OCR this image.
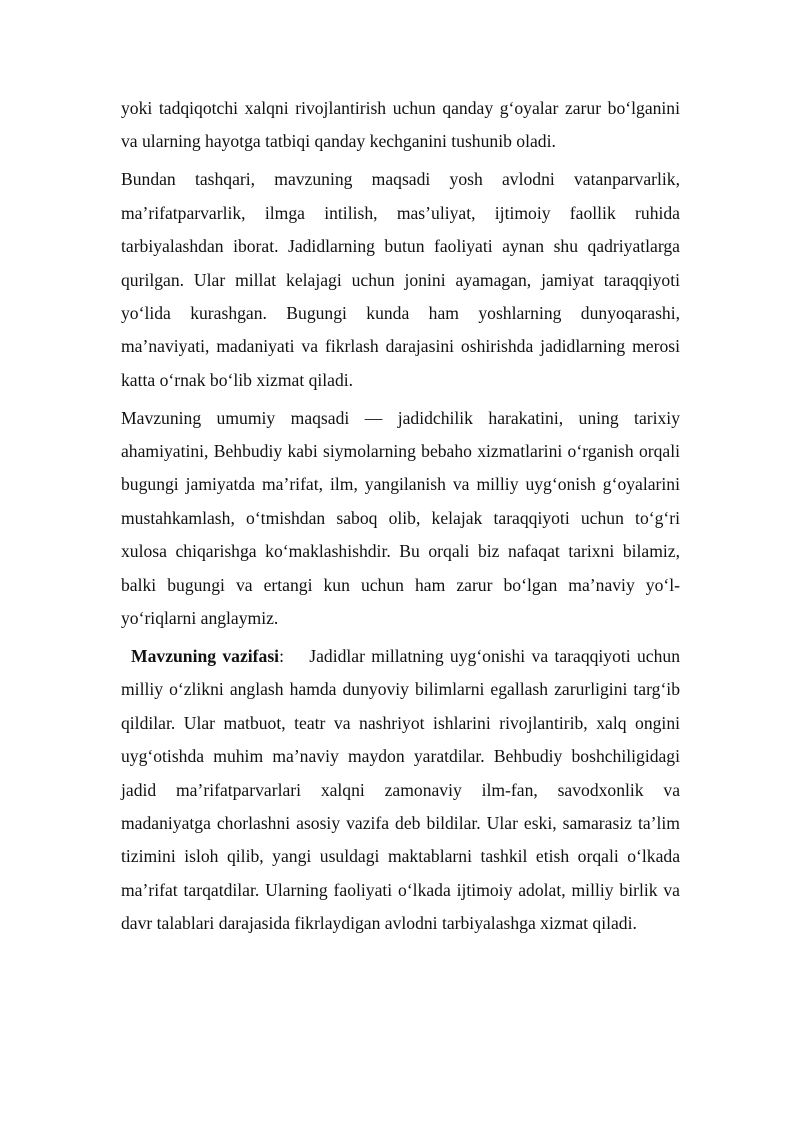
yoki tadqiqotchi xalqni rivojlantirish uchun qanday g‘oyalar zarur bo‘lganini va ularning hayotga tatbiqi qanday kechganini tushunib oladi.

Bundan tashqari, mavzuning maqsadi yosh avlodni vatanparvarlik, ma’rifatparvarlik, ilmga intilish, mas’uliyat, ijtimoiy faollik ruhida tarbiyalashdan iborat. Jadidlarning butun faoliyati aynan shu qadriyatlarga qurilgan. Ular millat kelajagi uchun jonini ayamagan, jamiyat taraqqiyoti yo‘lida kurashgan. Bugungi kunda ham yoshlarning dunyoqarashi, ma’naviyati, madaniyati va fikrlash darajasini oshirishda jadidlarning merosi katta o‘rnak bo‘lib xizmat qiladi.

Mavzuning umumiy maqsadi — jadidchilik harakatini, uning tarixiy ahamiyatini, Behbudiy kabi siymolarning bebaho xizmatlarini o‘rganish orqali bugungi jamiyatda ma’rifat, ilm, yangilanish va milliy uyg‘onish g‘oyalarini mustahkamlash, o‘tmishdan saboq olib, kelajak taraqqiyoti uchun to‘g‘ri xulosa chiqarishga ko‘maklashishdir. Bu orqali biz nafaqat tarixni bilamiz, balki bugungi va ertangi kun uchun ham zarur bo‘lgan ma’naviy yo‘l-yo‘riqlarni anglaymiz.

Mavzuning vazifasi: Jadidlar millatning uyg‘onishi va taraqqiyoti uchun milliy o‘zlikni anglash hamda dunyoviy bilimlarni egallash zarurligini targ‘ib qildilar. Ular matbuot, teatr va nashriyot ishlarini rivojlantirib, xalq ongini uyg‘otishda muhim ma’naviy maydon yaratdilar. Behbudiy boshchiligidagi jadid ma’rifatparvarlari xalqni zamonaviy ilm-fan, savodxonlik va madaniyatga chorlashni asosiy vazifa deb bildilar. Ular eski, samarasiz ta’lim tizimini isloh qilib, yangi usuldagi maktablarni tashkil etish orqali o‘lkada ma’rifat tarqatdilar. Ularning faoliyati o‘lkada ijtimoiy adolat, milliy birlik va davr talablari darajasida fikrlaydigan avlodni tarbiyalashga xizmat qiladi.
